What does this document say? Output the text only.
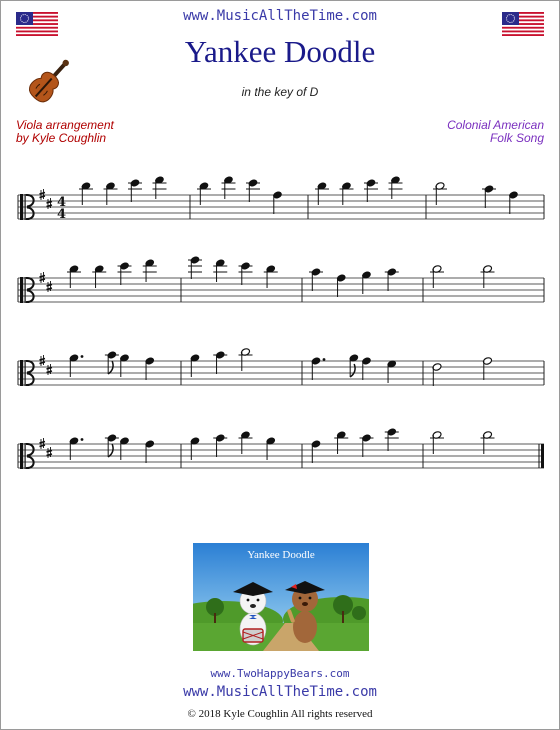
www.MusicAllTheTime.com
Yankee Doodle
in the key of D
Viola arrangement
by Kyle Coughlin
Colonial American
Folk Song
4
4
Yankee Doodle
www.TwoHappyBears.com
www.MusicAllTheTime.com
© 2018 Kyle Coughlin All rights reserved
